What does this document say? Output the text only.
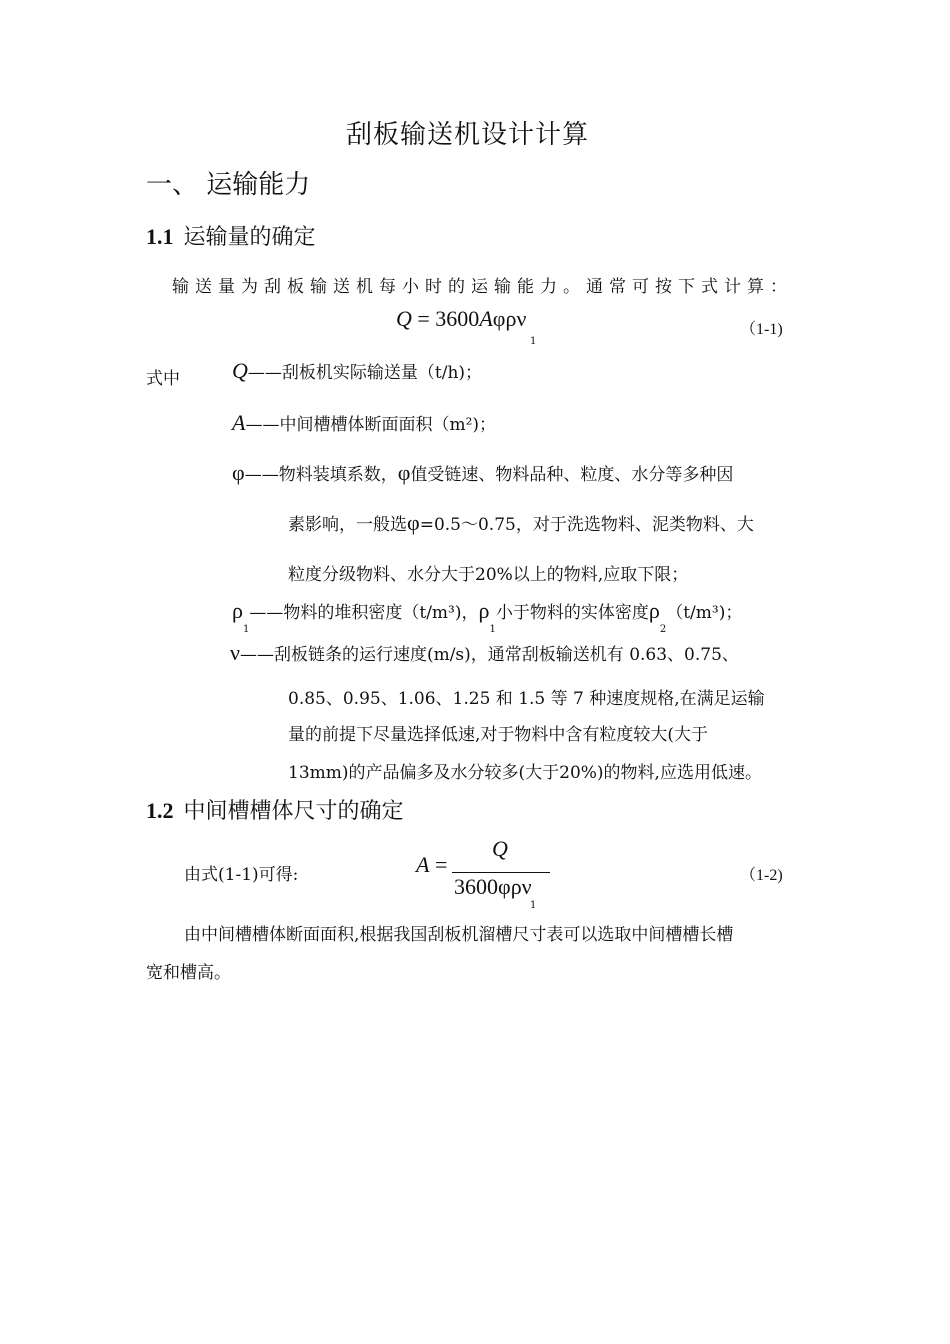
刮板输送机设计计算
一、 运输能力
1.1 运输量的确定
输送量为刮板输送机每小时的运输能力。通常可按下式计算：
Q = 3600Aφρν
1
（1-1)
式中 Q——刮板机实际输送量（t/h)；
A——中间槽槽体断面面积（m²)；
φ——物料装填系数，φ值受链速、物料品种、粒度、水分等多种因
素影响，一般选φ=0.5～0.75，对于洗选物料、泥类物料、大
粒度分级物料、水分大于20%以上的物料,应取下限；
$\rho_1——$物料的堆积密度（t/m³)，$\rho_1$小于物料的实体密度$\rho_2(t/m^3)$；
ν——刮板链条的运行速度(m/s)，通常刮板输送机有 0.63、0.75、
0.85、0.95、1.06、1.25 和 1.5 等 7 种速度规格,在满足运输
量的前提下尽量选择低速,对于物料中含有粒度较大(大于
13mm)的产品偏多及水分较多(大于20%)的物料,应选用低速。
1.2 中间槽槽体尺寸的确定
由式(1-1)可得:	A =
Q
3600φρν
1
（1-2)
由中间槽槽体断面面积,根据我国刮板机溜槽尺寸表可以选取中间槽槽长槽
宽和槽高。
